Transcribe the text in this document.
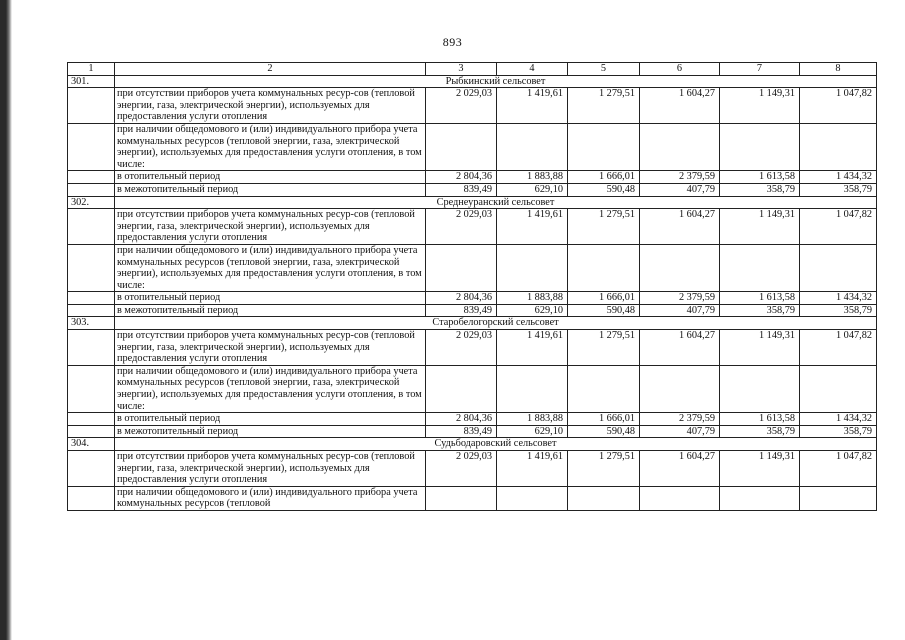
893
1	2	3	4	5	6	7	8
301.	Рыбкинский сельсовет						
	при отсутствии приборов учета коммунальных ресур-сов (тепловой энергии, газа, электрической энергии), используемых для предоставления услуги отопления	2 029,03	1 419,61	1 279,51	1 604,27	1 149,31	1 047,82
	при наличии общедомового и (или) индивидуального прибора учета коммунальных ресурсов (тепловой энергии, газа, электрической энергии), используемых для предоставления услуги отопления, в том числе:						
	в отопительный период	2 804,36	1 883,88	1 666,01	2 379,59	1 613,58	1 434,32
	в межотопительный период	839,49	629,10	590,48	407,79	358,79	358,79
302.	Среднеуранский сельсовет						
	при отсутствии приборов учета коммунальных ресур-сов (тепловой энергии, газа, электрической энергии), используемых для предоставления услуги отопления	2 029,03	1 419,61	1 279,51	1 604,27	1 149,31	1 047,82
	при наличии общедомового и (или) индивидуального прибора учета коммунальных ресурсов (тепловой энергии, газа, электрической энергии), используемых для предоставления услуги отопления, в том числе:						
	в отопительный период	2 804,36	1 883,88	1 666,01	2 379,59	1 613,58	1 434,32
	в межотопительный период	839,49	629,10	590,48	407,79	358,79	358,79
303.	Старобелогорский сельсовет						
	при отсутствии приборов учета коммунальных ресур-сов (тепловой энергии, газа, электрической энергии), используемых для предоставления услуги отопления	2 029,03	1 419,61	1 279,51	1 604,27	1 149,31	1 047,82
	при наличии общедомового и (или) индивидуального прибора учета коммунальных ресурсов (тепловой энергии, газа, электрической энергии), используемых для предоставления услуги отопления, в том числе:						
	в отопительный период	2 804,36	1 883,88	1 666,01	2 379,59	1 613,58	1 434,32
	в межотопительный период	839,49	629,10	590,48	407,79	358,79	358,79
304.	Судьбодаровский сельсовет						
	при отсутствии приборов учета коммунальных ресур-сов (тепловой энергии, газа, электрической энергии), используемых для предоставления услуги отопления	2 029,03	1 419,61	1 279,51	1 604,27	1 149,31	1 047,82
	при наличии общедомового и (или) индивидуального прибора учета коммунальных ресурсов (тепловой						
